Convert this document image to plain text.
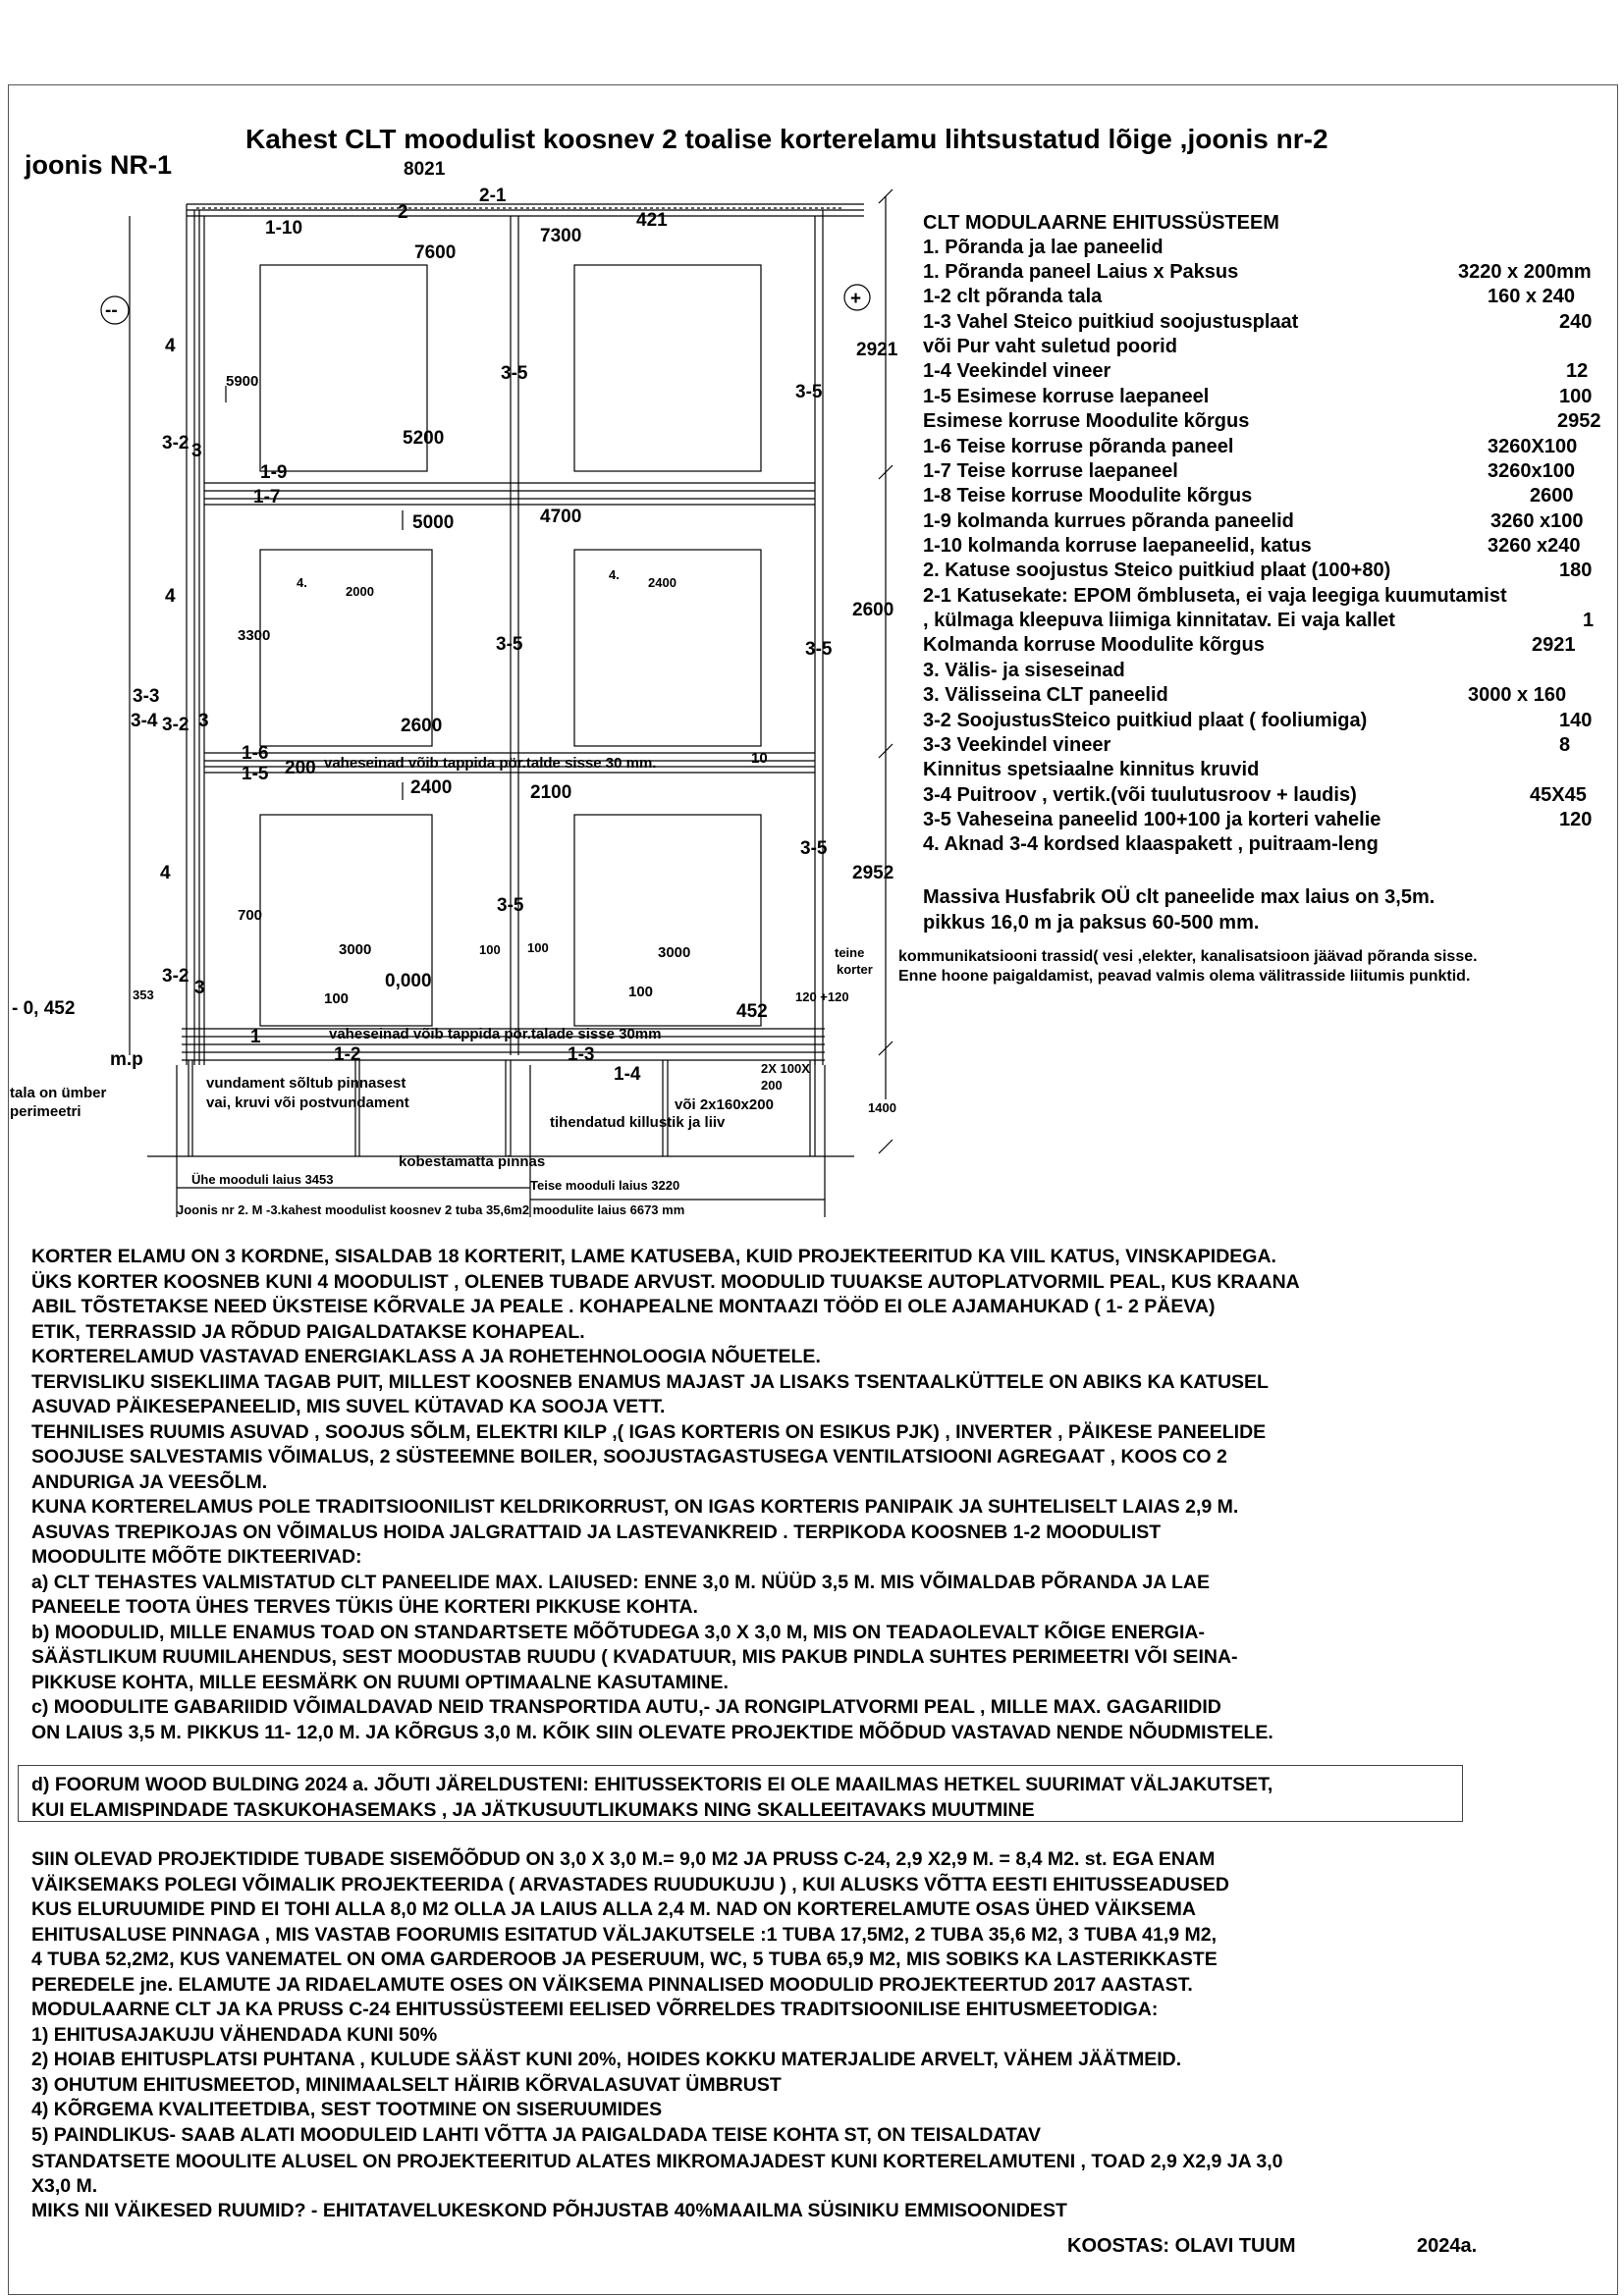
Kahest CLT moodulist koosnev 2 toalise korterelamu lihtsustatud lõige ,joonis nr-2
joonis NR-1	8021
2
2-1
421
1-10
7600
7300
--
+
2921
4
5900	3-5
3-5
3-2 3
5200
1-9
1-7
5000	4700
4.
2000
4.
2400
4
2600
3300	3-5	3-5
3-3
3-4 3-2 3	2600
1-6
1-5 200 vaheseinad võib tappida pör.talde sisse 30 mm.	10
2400	2100
3-5
4	2952
700	3-5
3000	100 100	3000	teine
korter
- 0, 452
353
3-2
3	0,000
100	100	120 +120
452
1	vaheseinad võib tappida pör.talade sisse 30mm
1-2	1-3
m.p
1-4	2X 100X
200
tala on ümber
perimeetri
vundament sõltub pinnasest
vai, kruvi või postvundament	või 2x160x200
tihendatud killustik ja liiv
1400
kobestamatta pinnas
Ühe mooduli laius 3453	Teise mooduli laius 3220
Joonis nr 2. M -3.kahest moodulist koosnev 2 tuba 35,6m2 moodulite laius 6673 mm
CLT MODULAARNE EHITUSSÜSTEEM
1. Põranda ja lae paneelid
1. Põranda paneel Laius x Paksus	3220 x 200mm
1-2 clt põranda tala	160 x 240
1-3 Vahel Steico puitkiud soojustusplaat	240
või Pur vaht suletud poorid
1-4 Veekindel vineer	12
1-5 Esimese korruse laepaneel	100
Esimese korruse Moodulite kõrgus	2952
1-6 Teise korruse põranda paneel	3260X100
1-7 Teise korruse laepaneel	3260x100
1-8 Teise korruse Moodulite kõrgus	2600
1-9 kolmanda kurrues põranda paneelid	3260 x100
1-10 kolmanda korruse laepaneelid, katus	3260 x240
2. Katuse soojustus Steico puitkiud plaat (100+80)	180
2-1 Katusekate: EPOM õmbluseta, ei vaja leegiga kuumutamist
, külmaga kleepuva liimiga kinnitatav. Ei vaja kallet	1
Kolmanda korruse Moodulite kõrgus	2921
3. Välis- ja siseseinad
3. Välisseina CLT paneelid	3000 x 160
3-2 SoojustusSteico puitkiud plaat ( fooliumiga)	140
3-3 Veekindel vineer	8
Kinnitus spetsiaalne kinnitus kruvid
3-4 Puitroov , vertik.(või tuulutusroov + laudis)	45X45
3-5 Vaheseina paneelid 100+100 ja korteri vahelie	120
4. Aknad 3-4 kordsed klaaspakett , puitraam-leng
Massiva Husfabrik OÜ clt paneelide max laius on 3,5m.
pikkus 16,0 m ja paksus 60-500 mm.
kommunikatsiooni trassid( vesi ,elekter, kanalisatsioon jäävad põranda sisse.
Enne hoone paigaldamist, peavad valmis olema välitrasside liitumis punktid.
KORTER ELAMU ON 3 KORDNE, SISALDAB 18 KORTERIT, LAME KATUSEBA, KUID PROJEKTEERITUD KA VIIL KATUS, VINSKAPIDEGA.
ÜKS KORTER KOOSNEB KUNI 4 MOODULIST , OLENEB TUBADE ARVUST. MOODULID TUUAKSE AUTOPLATVORMIL PEAL, KUS KRAANA
ABIL TÕSTETAKSE NEED ÜKSTEISE KÕRVALE JA PEALE . KOHAPEALNE MONTAAZI TÖÖD EI OLE AJAMAHUKAD ( 1- 2 PÄEVA)
ETIK, TERRASSID JA RÕDUD PAIGALDATAKSE KOHAPEAL.
KORTERELAMUD VASTAVAD ENERGIAKLASS A JA ROHETEHNOLOOGIA NÕUETELE.
TERVISLIKU SISEKLIIMA TAGAB PUIT, MILLEST KOOSNEB ENAMUS MAJAST JA LISAKS TSENTAALKÜTTELE ON ABIKS KA KATUSEL
ASUVAD PÄIKESEPANEELID, MIS SUVEL KÜTAVAD KA SOOJA VETT.
TEHNILISES RUUMIS ASUVAD , SOOJUS SÕLM, ELEKTRI KILP ,( IGAS KORTERIS ON ESIKUS PJK) , INVERTER , PÄIKESE PANEELIDE
SOOJUSE SALVESTAMIS VÕIMALUS, 2 SÜSTEEMNE BOILER, SOOJUSTAGASTUSEGA VENTILATSIOONI AGREGAAT , KOOS CO 2
ANDURIGA JA VEESÕLM.
KUNA KORTERELAMUS POLE TRADITSIOONILIST KELDRIKORRUST, ON IGAS KORTERIS PANIPAIK JA SUHTELISELT LAIAS 2,9 M.
ASUVAS TREPIKOJAS ON VÕIMALUS HOIDA JALGRATTAID JA LASTEVANKREID . TERPIKODA KOOSNEB 1-2 MOODULIST
MOODULITE MÕÕTE DIKTEERIVAD:
a) CLT TEHASTES VALMISTATUD CLT PANEELIDE MAX. LAIUSED: ENNE 3,0 M. NÜÜD 3,5 M. MIS VÕIMALDAB PÕRANDA JA LAE
PANEELE TOOTA ÜHES TERVES TÜKIS ÜHE KORTERI PIKKUSE KOHTA.
b) MOODULID, MILLE ENAMUS TOAD ON STANDARTSETE MÕÕTUDEGA 3,0 X 3,0 M, MIS ON TEADAOLEVALT KÕIGE ENERGIA-
SÄÄSTLIKUM RUUMILAHENDUS, SEST MOODUSTAB RUUDU ( KVADATUUR, MIS PAKUB PINDLA SUHTES PERIMEETRI VÕI SEINA-
PIKKUSE KOHTA, MILLE EESMÄRK ON RUUMI OPTIMAALNE KASUTAMINE.
c) MOODULITE GABARIIDID VÕIMALDAVAD NEID TRANSPORTIDA AUTU,- JA RONGIPLATVORMI PEAL , MILLE MAX. GAGARIIDID
ON LAIUS 3,5 M. PIKKUS 11- 12,0 M. JA KÕRGUS 3,0 M. KÕIK SIIN OLEVATE PROJEKTIDE MÕÕDUD VASTAVAD NENDE NÕUDMISTELE.
d) FOORUM WOOD BULDING 2024 a. JÕUTI JÄRELDUSTENI: EHITUSSEKTORIS EI OLE MAAILMAS HETKEL SUURIMAT VÄLJAKUTSET,
KUI ELAMISPINDADE TASKUKOHASEMAKS , JA JÄTKUSUUTLIKUMAKS NING SKALLEEITAVAKS MUUTMINE
SIIN OLEVAD PROJEKTIDIDE TUBADE SISEMÕÕDUD ON 3,0 X 3,0 M.= 9,0 M2 JA PRUSS C-24, 2,9 X2,9 M. = 8,4 M2. st. EGA ENAM
VÄIKSEMAKS POLEGI VÕIMALIK PROJEKTEERIDA ( ARVASTADES RUUDUKUJU ) , KUI ALUSKS VÕTTA EESTI EHITUSSEADUSED
KUS ELURUUMIDE PIND EI TOHI ALLA 8,0 M2 OLLA JA LAIUS ALLA 2,4 M. NAD ON KORTERELAMUTE OSAS ÜHED VÄIKSEMA
EHITUSALUSE PINNAGA , MIS VASTAB FOORUMIS ESITATUD VÄLJAKUTSELE :1 TUBA 17,5M2, 2 TUBA 35,6 M2, 3 TUBA 41,9 M2,
4 TUBA 52,2M2, KUS VANEMATEL ON OMA GARDEROOB JA PESERUUM, WC, 5 TUBA 65,9 M2, MIS SOBIKS KA LASTERIKKASTE
PEREDELE jne. ELAMUTE JA RIDAELAMUTE OSES ON VÄIKSEMA PINNALISED MOODULID PROJEKTEERTUD 2017 AASTAST.
MODULAARNE CLT JA KA PRUSS C-24 EHITUSSÜSTEEMI EELISED VÕRRELDES TRADITSIOONILISE EHITUSMEETODIGA:
1) EHITUSAJAKUJU VÄHENDADA KUNI 50%
2) HOIAB EHITUSPLATSI PUHTANA , KULUDE SÄÄST KUNI 20%, HOIDES KOKKU MATERJALIDE ARVELT, VÄHEM JÄÄTMEID.
3) OHUTUM EHITUSMEETOD, MINIMAALSELT HÄIRIB KÕRVALASUVAT ÜMBRUST
4) KÕRGEMA KVALITEETDIBA, SEST TOOTMINE ON SISERUUMIDES
5) PAINDLIKUS- SAAB ALATI MOODULEID LAHTI VÕTTA JA PAIGALDADA TEISE KOHTA ST, ON TEISALDATAV
STANDATSETE MOOULITE ALUSEL ON PROJEKTEERITUD ALATES MIKROMAJADEST KUNI KORTERELAMUTENI , TOAD 2,9 X2,9 JA 3,0
X3,0 M.
MIKS NII VÄIKESED RUUMID? - EHITATAVELUKESKOND PÕHJUSTAB 40%MAAILMA SÜSINIKU EMMISOONIDEST
KOOSTAS: OLAVI TUUM	2024a.
